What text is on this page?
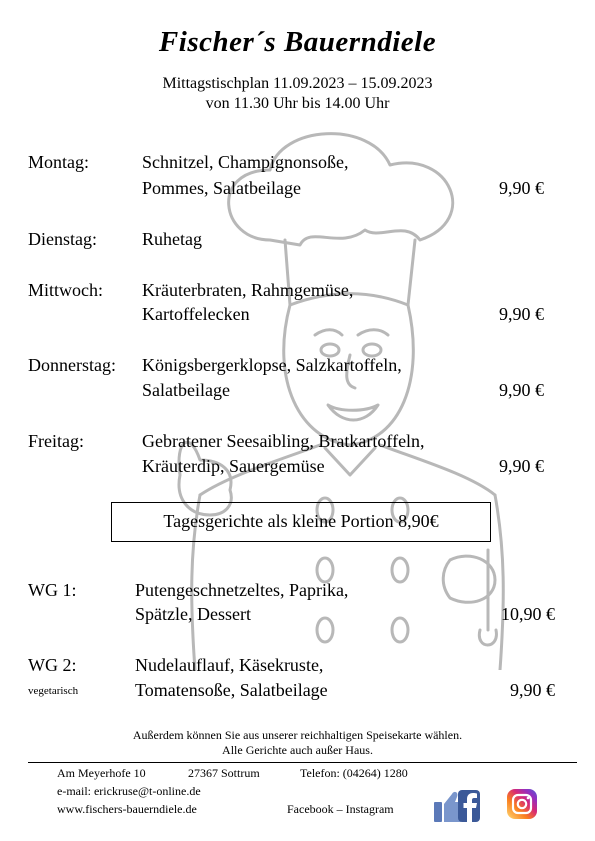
Fischer´s Bauerndiele
Mittagstischplan 11.09.2023 – 15.09.2023
von 11.30 Uhr bis 14.00 Uhr
Montag:	Schnitzel, Champignonsoße,
Pommes, Salatbeilage	9,90 €
Dienstag:	Ruhetag
Mittwoch: Kräuterbraten, Rahmgemüse,
Kartoffelecken	9,90 €
Donnerstag: Königsbergerklopse, Salzkartoffeln,
Salatbeilage	9,90 €
Freitag:	Gebratener Seesaibling, Bratkartoffeln,
Kräuterdip, Sauergemüse	9,90 €
Tagesgerichte als kleine Portion 8,90€
WG 1:	Putengeschnetzeltes, Paprika,
Spätzle, Dessert	10,90 €
WG 2:
vegetarisch
Nudelauflauf, Käsekruste,
Tomatensoße, Salatbeilage	9,90 €
Außerdem können Sie aus unserer reichhaltigen Speisekarte wählen.
Alle Gerichte auch außer Haus.
Am Meyerhofe 10	27367 Sottrum	Telefon: (04264) 1280
e-mail: erickruse@t-online.de
www.fischers-bauerndiele.de	Facebook – Instagram
